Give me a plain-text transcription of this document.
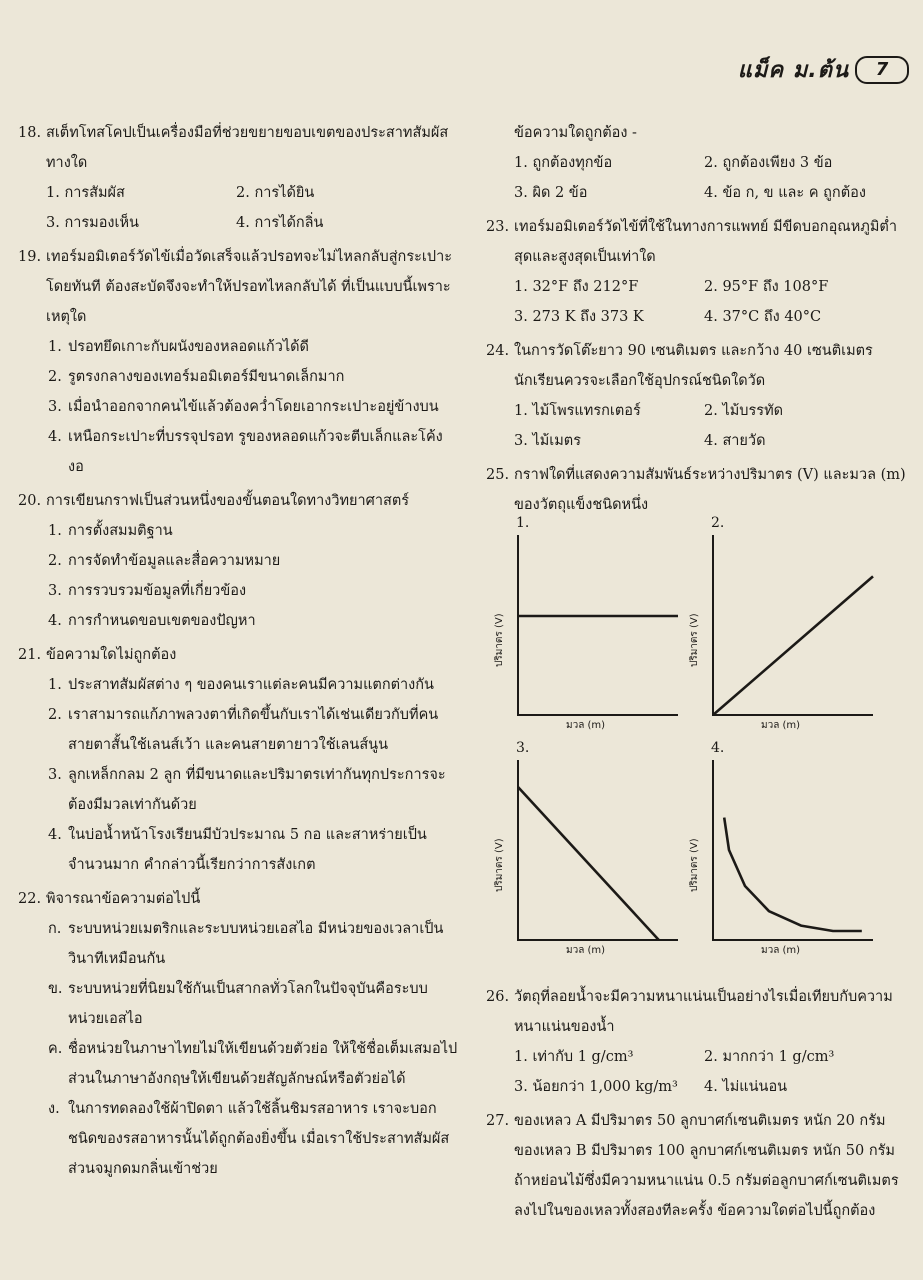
แม็ค ม.ต้น	7
18. สเต็ทโทสโคปเป็นเครื่องมือที่ช่วยขยายขอบเขตของประสาทสัมผัสทางใด
1. การสัมผัส	2. การได้ยิน
3. การมองเห็น	4. การได้กลิ่น
19. เทอร์มอมิเตอร์วัดไข้เมื่อวัดเสร็จแล้วปรอทจะไม่ไหลกลับสู่กระเปาะโดยทันที ต้องสะบัดจึงจะทำให้ปรอทไหลกลับได้ ที่เป็นแบบนี้เพราะเหตุใด
1. ปรอทยึดเกาะกับผนังของหลอดแก้วได้ดี
2. รูตรงกลางของเทอร์มอมิเตอร์มีขนาดเล็กมาก
3. เมื่อนำออกจากคนไข้แล้วต้องคว่ำโดยเอากระเปาะอยู่ข้างบน
4. เหนือกระเปาะที่บรรจุปรอท รูของหลอดแก้วจะตีบเล็กและโค้งงอ
20. การเขียนกราฟเป็นส่วนหนึ่งของขั้นตอนใดทางวิทยาศาสตร์
1. การตั้งสมมติฐาน
2. การจัดทำข้อมูลและสื่อความหมาย
3. การรวบรวมข้อมูลที่เกี่ยวข้อง
4. การกำหนดขอบเขตของปัญหา
21. ข้อความใดไม่ถูกต้อง
1. ประสาทสัมผัสต่าง ๆ ของคนเราแต่ละคนมีความแตกต่างกัน
2. เราสามารถแก้ภาพลวงตาที่เกิดขึ้นกับเราได้เช่นเดียวกับที่คนสายตาสั้นใช้เลนส์เว้า และคนสายตายาวใช้เลนส์นูน
3. ลูกเหล็กกลม 2 ลูก ที่มีขนาดและปริมาตรเท่ากันทุกประการจะต้องมีมวลเท่ากันด้วย
4. ในบ่อน้ำหน้าโรงเรียนมีบัวประมาณ 5 กอ และสาหร่ายเป็นจำนวนมาก คำกล่าวนี้เรียกว่าการสังเกต
22. พิจารณาข้อความต่อไปนี้
ก. ระบบหน่วยเมตริกและระบบหน่วยเอสไอ มีหน่วยของเวลาเป็นวินาทีเหมือนกัน
ข. ระบบหน่วยที่นิยมใช้กันเป็นสากลทั่วโลกในปัจจุบันคือระบบหน่วยเอสไอ
ค. ชื่อหน่วยในภาษาไทยไม่ให้เขียนด้วยตัวย่อ ให้ใช้ชื่อเต็มเสมอไป ส่วนในภาษาอังกฤษให้เขียนด้วยสัญลักษณ์หรือตัวย่อได้
ง. ในการทดลองใช้ผ้าปิดตา แล้วใช้ลิ้นชิมรสอาหาร เราจะบอกชนิดของรสอาหารนั้นได้ถูกต้องยิ่งขึ้น เมื่อเราใช้ประสาทสัมผัสส่วนจมูกดมกลิ่นเข้าช่วย
ข้อความใดถูกต้อง -
1. ถูกต้องทุกข้อ	2. ถูกต้องเพียง 3 ข้อ
3. ผิด 2 ข้อ	4. ข้อ ก, ข และ ค ถูกต้อง
23. เทอร์มอมิเตอร์วัดไข้ที่ใช้ในทางการแพทย์ มีขีดบอกอุณหภูมิต่ำสุดและสูงสุดเป็นเท่าใด
1. 32°F ถึง 212°F	2. 95°F ถึง 108°F
3. 273 K ถึง 373 K	4. 37°C ถึง 40°C
24. ในการวัดโต๊ะยาว 90 เซนติเมตร และกว้าง 40 เซนติเมตร นักเรียนควรจะเลือกใช้อุปกรณ์ชนิดใดวัด
1. ไม้โพรแทรกเตอร์	2. ไม้บรรทัด
3. ไม้เมตร	4. สายวัด
25. กราฟใดที่แสดงความสัมพันธ์ระหว่างปริมาตร (V) และมวล (m) ของวัตถุแข็งชนิดหนึ่ง
1.
ปริมาตร (V)
มวล (m)
2.
ปริมาตร (V)
มวล (m)
3.
ปริมาตร (V)
มวล (m)
4.
ปริมาตร (V)
มวล (m)
26. วัตถุที่ลอยน้ำจะมีความหนาแน่นเป็นอย่างไรเมื่อเทียบกับความหนาแน่นของน้ำ
1. เท่ากับ 1 g/cm³	2. มากกว่า 1 g/cm³
3. น้อยกว่า 1,000 kg/m³	4. ไม่แน่นอน
27. ของเหลว A มีปริมาตร 50 ลูกบาศก์เซนติเมตร หนัก 20 กรัม ของเหลว B มีปริมาตร 100 ลูกบาศก์เซนติเมตร หนัก 50 กรัม ถ้าหย่อนไม้ซึ่งมีความหนาแน่น 0.5 กรัมต่อลูกบาศก์เซนติเมตรลงไปในของเหลวทั้งสองทีละครั้ง ข้อความใดต่อไปนี้ถูกต้อง
